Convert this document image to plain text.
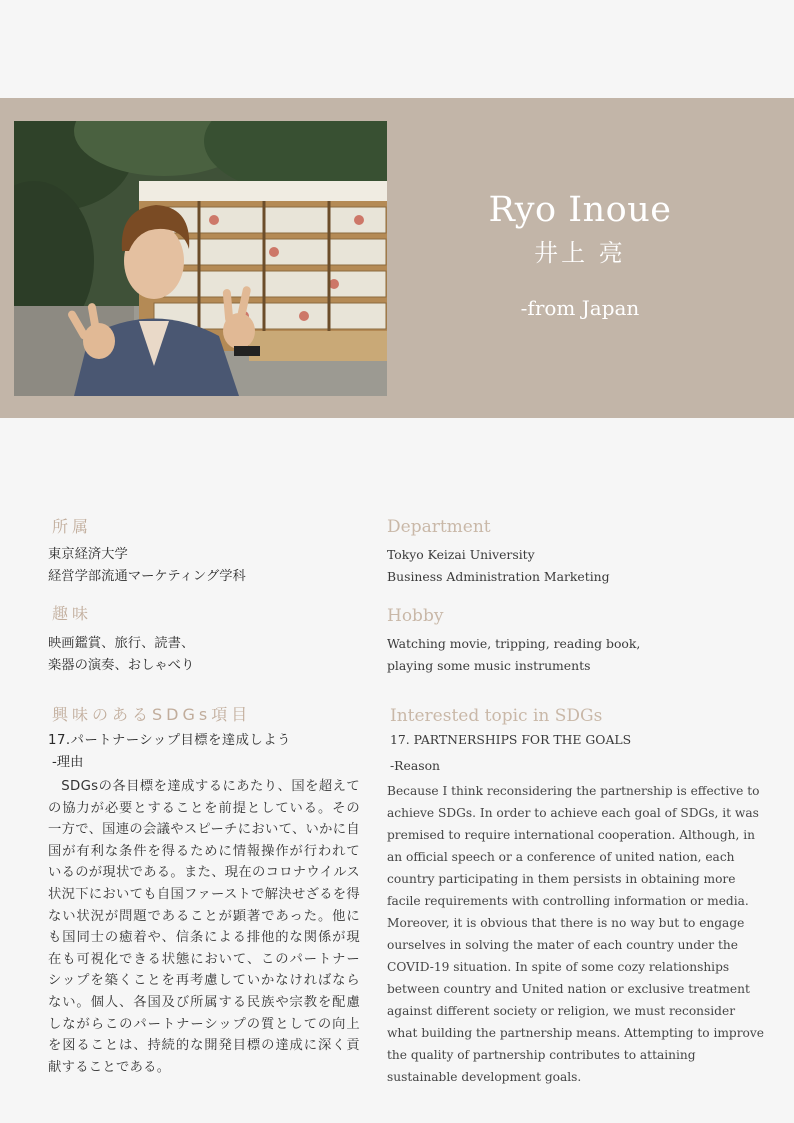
Ryo Inoue
井上 亮
-from Japan
所属
東京経済大学
経営学部流通マーケティング学科
趣味
映画鑑賞、旅行、読書、
楽器の演奏、おしゃべり
興味のあるSDGs項目
17.パートナーシップ目標を達成しよう
-理由
SDGsの各目標を達成するにあたり、国を超えての協力が必要とすることを前提としている。その一方で、国連の会議やスピーチにおいて、いかに自国が有利な条件を得るために情報操作が行われているのが現状である。また、現在のコロナウイルス状況下においても自国ファーストで解決せざるを得ない状況が問題であることが顕著であった。他にも国同士の癒着や、信条による排他的な関係が現在も可視化できる状態において、このパートナーシップを築くことを再考慮していかなければならない。個人、各国及び所属する民族や宗教を配慮しながらこのパートナーシップの質としての向上を図ることは、持続的な開発目標の達成に深く貢献することである。
Department
Tokyo Keizai University
Business Administration Marketing
Hobby
Watching movie, tripping, reading book,
playing some music instruments
Interested topic in SDGs
17. PARTNERSHIPS FOR THE GOALS
-Reason
Because I think reconsidering the partnership is effective to achieve SDGs. In order to achieve each goal of SDGs, it was premised to require international cooperation. Although, in an official speech or a conference of united nation, each country participating in them persists in obtaining more facile requirements with controlling information or media. Moreover, it is obvious that there is no way but to engage ourselves in solving the mater of each country under the COVID-19 situation. In spite of some cozy relationships between country and United nation or exclusive treatment against different society or religion, we must reconsider what building the partnership means. Attempting to improve the quality of partnership contributes to attaining sustainable development goals.
